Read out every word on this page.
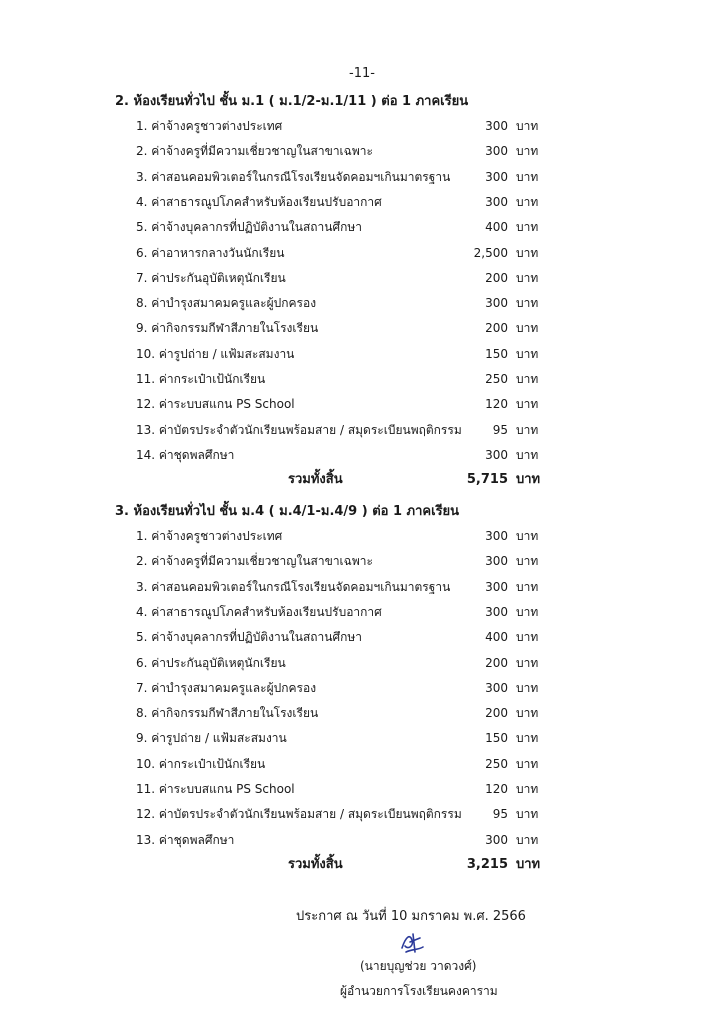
-11-
2. ห้องเรียนทั่วไป ชั้น ม.1 ( ม.1/2-ม.1/11 ) ต่อ 1 ภาคเรียน
1. ค่าจ้างครูชาวต่างประเทศ	300 บาท
2. ค่าจ้างครูที่มีความเชี่ยวชาญในสาขาเฉพาะ	300 บาท
3. ค่าสอนคอมพิวเตอร์ในกรณีโรงเรียนจัดคอมฯเกินมาตรฐาน	300 บาท
4. ค่าสาธารณูปโภคสำหรับห้องเรียนปรับอากาศ	300 บาท
5. ค่าจ้างบุคลากรที่ปฏิบัติงานในสถานศึกษา	400 บาท
6. ค่าอาหารกลางวันนักเรียน	2,500 บาท
7. ค่าประกันอุบัติเหตุนักเรียน	200 บาท
8. ค่าบำรุงสมาคมครูและผู้ปกครอง	300 บาท
9. ค่ากิจกรรมกีฬาสีภายในโรงเรียน	200 บาท
10. ค่ารูปถ่าย / แฟ้มสะสมงาน	150 บาท
11. ค่ากระเป๋าเป้นักเรียน	250 บาท
12. ค่าระบบสแกน PS School	120 บาท
13. ค่าบัตรประจำตัวนักเรียนพร้อมสาย / สมุดระเบียนพฤติกรรม	95 บาท
14. ค่าชุดพลศึกษา	300 บาท
รวมทั้งสิ้น	5,715 บาท
3. ห้องเรียนทั่วไป ชั้น ม.4 ( ม.4/1-ม.4/9 ) ต่อ 1 ภาคเรียน
1. ค่าจ้างครูชาวต่างประเทศ	300 บาท
2. ค่าจ้างครูที่มีความเชี่ยวชาญในสาขาเฉพาะ	300 บาท
3. ค่าสอนคอมพิวเตอร์ในกรณีโรงเรียนจัดคอมฯเกินมาตรฐาน	300 บาท
4. ค่าสาธารณูปโภคสำหรับห้องเรียนปรับอากาศ	300 บาท
5. ค่าจ้างบุคลากรที่ปฏิบัติงานในสถานศึกษา	400 บาท
6. ค่าประกันอุบัติเหตุนักเรียน	200 บาท
7. ค่าบำรุงสมาคมครูและผู้ปกครอง	300 บาท
8. ค่ากิจกรรมกีฬาสีภายในโรงเรียน	200 บาท
9. ค่ารูปถ่าย / แฟ้มสะสมงาน	150 บาท
10. ค่ากระเป๋าเป้นักเรียน	250 บาท
11. ค่าระบบสแกน PS School	120 บาท
12. ค่าบัตรประจำตัวนักเรียนพร้อมสาย / สมุดระเบียนพฤติกรรม	95 บาท
13. ค่าชุดพลศึกษา	300 บาท
รวมทั้งสิ้น	3,215 บาท
ประกาศ ณ วันที่ 10 มกราคม พ.ศ. 2566
(นายบุญช่วย วาดวงศ์)
ผู้อำนวยการโรงเรียนคงคาราม
